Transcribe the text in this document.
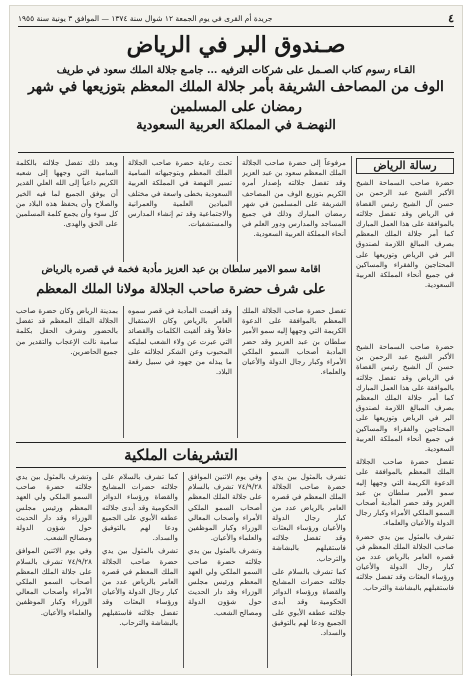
٤
جريدة أم القرى في يوم الجمعة ١٢ شوال سنة ١٣٧٤ — الموافق ٣ يونية سنة ١٩٥٥
صـندوق البر في الرياض
القـاء رسوم كتاب الصـمل على شركات الترفيه ... جامـع جلالة الملك سعود في طريف
الوف من المصاحف الشريفة بأمر جلالة الملك المعظم بتوزيعها في شهر رمضان على المسلمين
النهضـة في المملكة العربية السعودية
رسالة الرياض

حضرة صاحب السماحة الشيخ الأكبر الشيخ عبد الرحمن بن حسن آل الشيخ رئيس القضاة في الرياض وقد تفضل جلالته بالموافقة على هذا العمل المبارك كما أمر جلالة الملك المعظم بصرف المبالغ اللازمة لصندوق البر في الرياض وتوزيعها على المحتاجين والفقراء والمساكين في جميع أنحاء المملكة العربية السعودية.

مرفوعاً إلى حضرة صاحب الجلالة الملك المعظم سعود بن عبد العزيز وقد تفضل جلالته بإصدار أمره الكريم بتوزيع الوف من المصاحف الشريفة على المسلمين في شهر رمضان المبارك وذلك في جميع المساجد والمدارس ودور العلم في أنحاء المملكة العربية السعودية.

تحت رعاية حضرة صاحب الجلالة الملك المعظم وبتوجيهاته السامية تسير النهضة في المملكة العربية السعودية بخطى واسعة في مختلف الميادين العلمية والعمرانية والاجتماعية وقد تم إنشاء المدارس والمستشفيات.

وبعد ذلك تفضل جلالته بالكلمة السامية التي وجهها إلى شعبه الكريم داعياً إلى الله العلي القدير أن يوفق الجميع لما فيه الخير والصلاح وأن يحفظ هذه البلاد من كل سوء وأن يجمع كلمة المسلمين على الحق والهدى.

اقامة سمو الامير سلطان بن عبد العزيز مأدبة فخمة في قصره بالرياض
على شرف حضرة صاحب الجلالة مولانا الملك المعظم

تفضل حضرة صاحب الجلالة الملك المعظم بالموافقة على الدعوة الكريمة التي وجهها إليه سمو الأمير سلطان بن عبد العزيز وقد حضر المأدبة أصحاب السمو الملكي الأمراء وكبار رجال الدولة والأعيان والعلماء.

وقد أقيمت المأدبة في قصر سموه العامر بالرياض وكان الاستقبال حافلاً وقد ألقيت الكلمات والقصائد التي عبرت عن ولاء الشعب لمليكه المحبوب وعن الشكر لجلالته على ما يبذله من جهود في سبيل رفعة البلاد.

بمدينة الرياض وكان حضرة صاحب الجلالة الملك المعظم قد تفضل بالحضور وشرف الحفل بكلمة سامية نالت الإعجاب والتقدير من جميع الحاضرين.

حضرة صاحب السماحة الشيخ الأكبر الشيخ عبد الرحمن بن حسن آل الشيخ رئيس القضاة في الرياض وقد تفضل جلالته بالموافقة على هذا العمل المبارك كما أمر جلالة الملك المعظم بصرف المبالغ اللازمة لصندوق البر في الرياض وتوزيعها على المحتاجين والفقراء والمساكين في جميع أنحاء المملكة العربية السعودية.

تفضل حضرة صاحب الجلالة الملك المعظم بالموافقة على الدعوة الكريمة التي وجهها إليه سمو الأمير سلطان بن عبد العزيز وقد حضر المأدبة أصحاب السمو الملكي الأمراء وكبار رجال الدولة والأعيان والعلماء.

تشرف بالمثول بين يدي حضرة صاحب الجلالة الملك المعظم في قصره العامر بالرياض عدد من كبار رجال الدولة والأعيان ورؤساء البعثات وقد تفضل جلالته فاستقبلهم بالبشاشة والترحاب.

التشريفات الملكية

تشرف بالمثول بين يدي حضرة صاحب الجلالة الملك المعظم في قصره العامر بالرياض عدد من كبار رجال الدولة والأعيان ورؤساء البعثات وقد تفضل جلالته فاستقبلهم بالبشاشة والترحاب.

كما تشرف بالسلام على جلالته حضرات المشايخ والقضاة ورؤساء الدوائر الحكومية وقد أبدى جلالته عطفه الأبوي على الجميع ودعا لهم بالتوفيق والسداد.

وفي يوم الاثنين الموافق ٧٤/٩/٢٨ تشرف بالسلام على جلالة الملك المعظم أصحاب السمو الملكي الأمراء وأصحاب المعالي الوزراء وكبار الموظفين والعلماء والأعيان.

وتشرف بالمثول بين يدي جلالته حضرة صاحب السمو الملكي ولي العهد المعظم ورئيس مجلس الوزراء وقد دار الحديث حول شؤون الدولة ومصالح الشعب.

كما تشرف بالسلام على جلالته حضرات المشايخ والقضاة ورؤساء الدوائر الحكومية وقد أبدى جلالته عطفه الأبوي على الجميع ودعا لهم بالتوفيق والسداد.

تشرف بالمثول بين يدي حضرة صاحب الجلالة الملك المعظم في قصره العامر بالرياض عدد من كبار رجال الدولة والأعيان ورؤساء البعثات وقد تفضل جلالته فاستقبلهم بالبشاشة والترحاب.

وتشرف بالمثول بين يدي جلالته حضرة صاحب السمو الملكي ولي العهد المعظم ورئيس مجلس الوزراء وقد دار الحديث حول شؤون الدولة ومصالح الشعب.

وفي يوم الاثنين الموافق ٧٤/٩/٢٨ تشرف بالسلام على جلالة الملك المعظم أصحاب السمو الملكي الأمراء وأصحاب المعالي الوزراء وكبار الموظفين والعلماء والأعيان.
